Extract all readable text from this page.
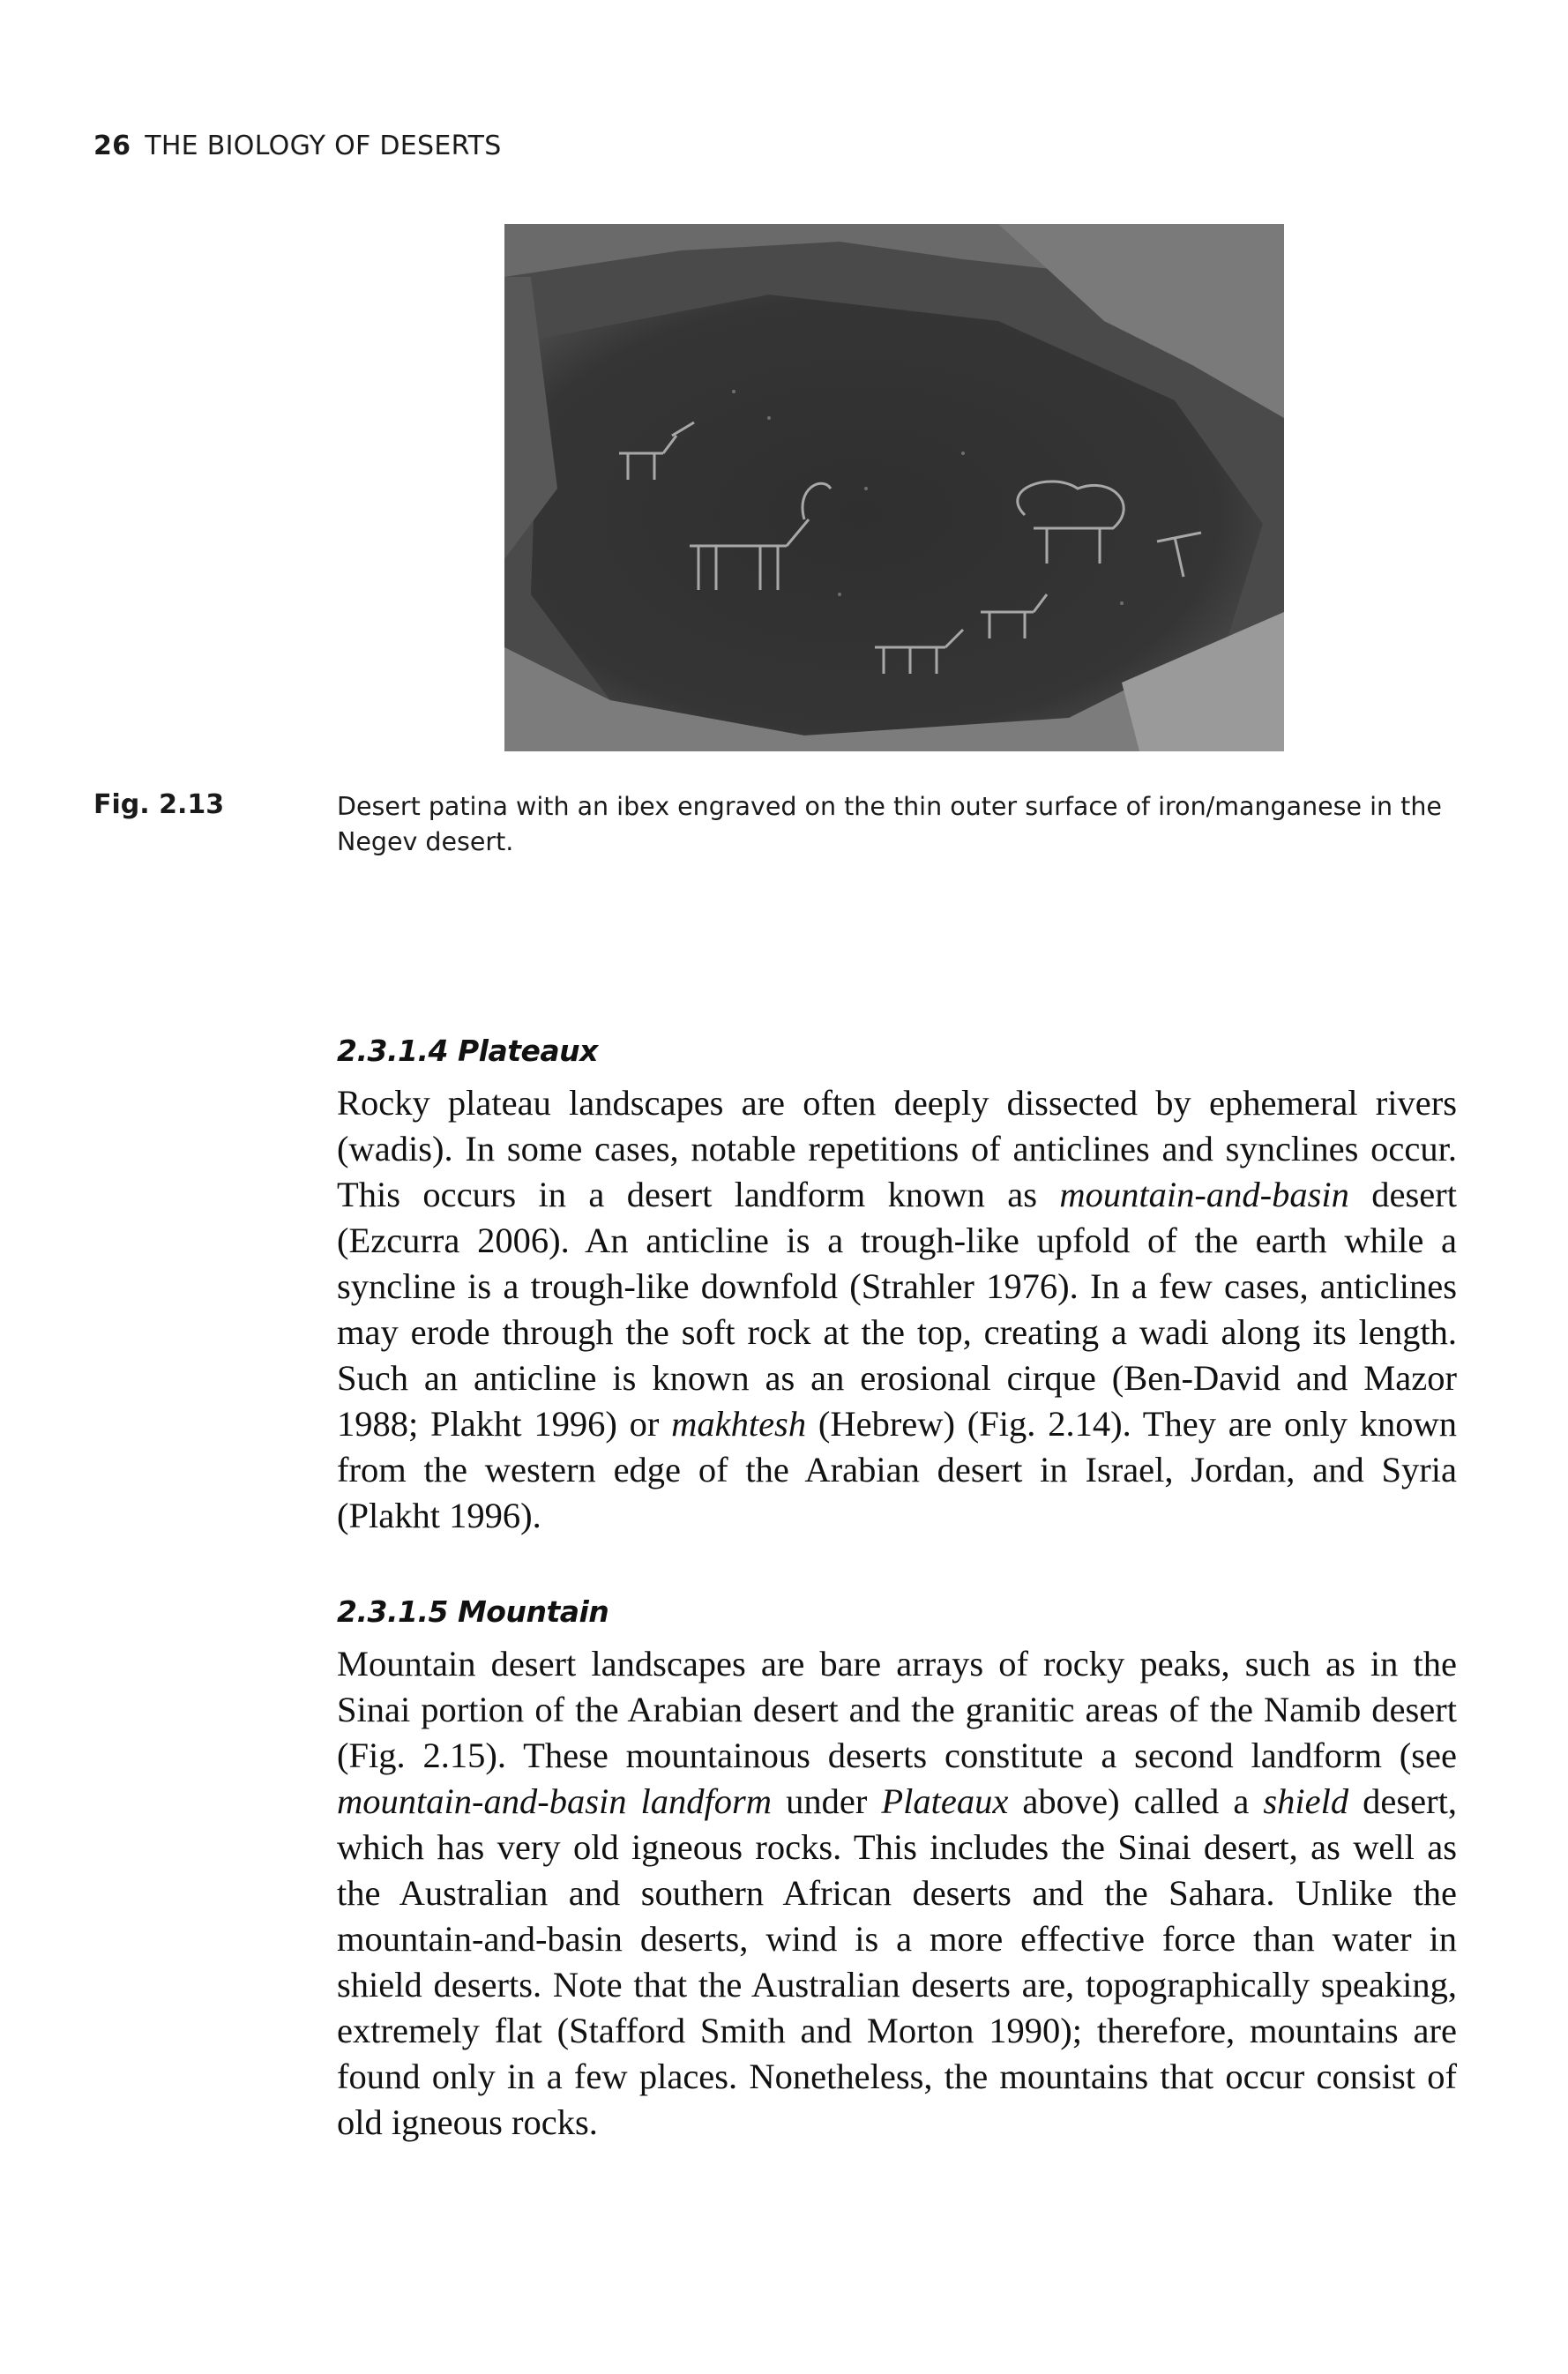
26 THE BIOLOGY OF DESERTS
Fig. 2.13	Desert patina with an ibex engraved on the thin outer surface of iron/manganese in the Negev desert.
2.3.1.4 Plateaux

Rocky plateau landscapes are often deeply dissected by ephemeral rivers (wadis). In some cases, notable repetitions of anticlines and synclines occur. This occurs in a desert landform known as mountain-and-basin desert (Ezcurra 2006). An anticline is a trough-like upfold of the earth while a syncline is a trough-like downfold (Strahler 1976). In a few cases, anticlines may erode through the soft rock at the top, creating a wadi along its length. Such an anticline is known as an erosional cirque (Ben-David and Mazor 1988; Plakht 1996) or makhtesh (Hebrew) (Fig. 2.14). They are only known from the western edge of the Arabian desert in Israel, Jordan, and Syria (Plakht 1996).

2.3.1.5 Mountain

Mountain desert landscapes are bare arrays of rocky peaks, such as in the Sinai portion of the Arabian desert and the granitic areas of the Namib desert (Fig. 2.15). These mountainous deserts constitute a second landform (see mountain-and-basin landform under Plateaux above) called a shield desert, which has very old igneous rocks. This includes the Sinai desert, as well as the Australian and southern African deserts and the Sahara. Unlike the mountain-and-basin deserts, wind is a more effective force than water in shield deserts. Note that the Australian deserts are, topographically speaking, extremely flat (Stafford Smith and Morton 1990); therefore, mountains are found only in a few places. Nonetheless, the mountains that occur consist of old igneous rocks.
